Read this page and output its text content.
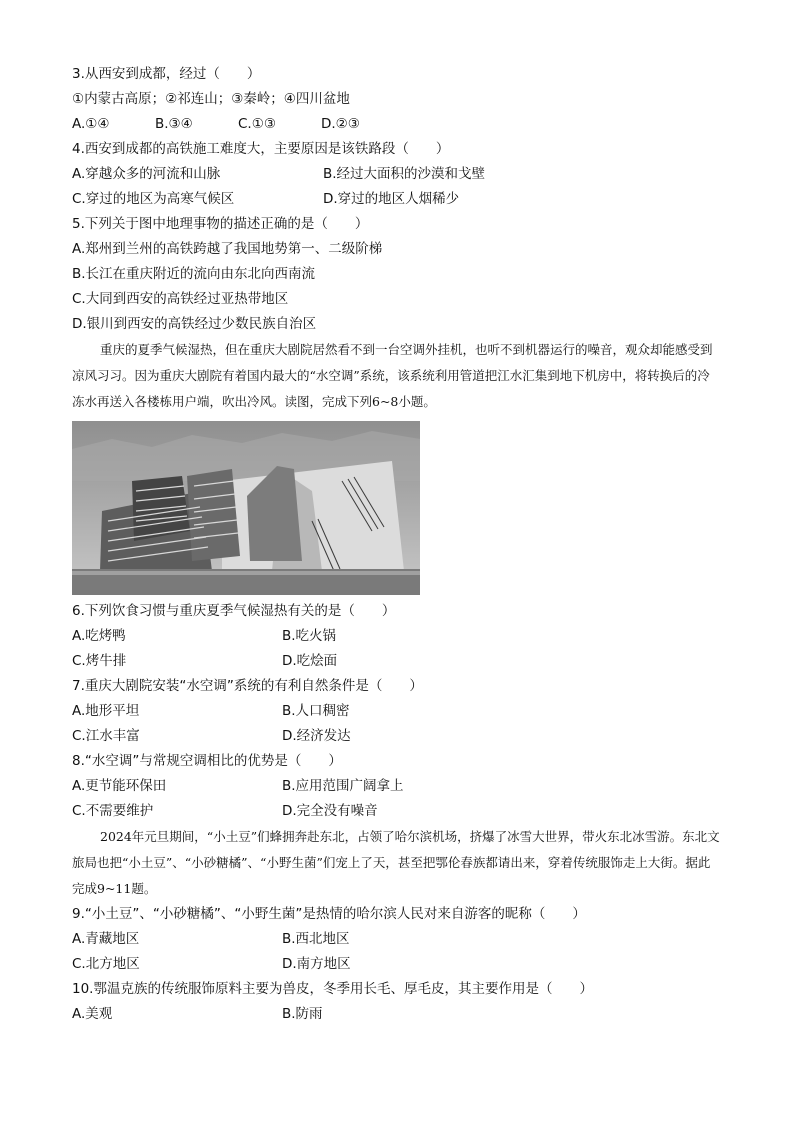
3.从西安到成都，经过（　　）
①内蒙古高原；②祁连山；③秦岭；④四川盆地
A.①④	B.③④	C.①③	D.②③
4.西安到成都的高铁施工难度大，主要原因是该铁路段（　　）
A.穿越众多的河流和山脉	B.经过大面积的沙漠和戈壁
C.穿过的地区为高寒气候区	D.穿过的地区人烟稀少
5.下列关于图中地理事物的描述正确的是（　　）
A.郑州到兰州的高铁跨越了我国地势第一、二级阶梯
B.长江在重庆附近的流向由东北向西南流
C.大同到西安的高铁经过亚热带地区
D.银川到西安的高铁经过少数民族自治区

重庆的夏季气候湿热，但在重庆大剧院居然看不到一台空调外挂机，也听不到机器运行的噪音，观众却能感受到凉风习习。因为重庆大剧院有着国内最大的“水空调”系统，该系统利用管道把江水汇集到地下机房中，将转换后的冷冻水再送入各楼栋用户端，吹出冷风。读图，完成下列6~8小题。

6.下列饮食习惯与重庆夏季气候湿热有关的是（　　）
A.吃烤鸭	B.吃火锅
C.烤牛排	D.吃烩面
7.重庆大剧院安装“水空调”系统的有利自然条件是（　　）
A.地形平坦	B.人口稠密
C.江水丰富	D.经济发达
8.“水空调”与常规空调相比的优势是（　　）
A.更节能环保田	B.应用范围广阔拿上
C.不需要维护	D.完全没有噪音

2024年元旦期间，“小土豆”们蜂拥奔赴东北，占领了哈尔滨机场，挤爆了冰雪大世界，带火东北冰雪游。东北文旅局也把“小土豆”、“小砂糖橘”、“小野生菌”们宠上了天，甚至把鄂伦春族都请出来，穿着传统服饰走上大街。据此完成9~11题。

9.“小土豆”、“小砂糖橘”、“小野生菌”是热情的哈尔滨人民对来自游客的昵称（　　）
A.青藏地区	B.西北地区
C.北方地区	D.南方地区
10.鄂温克族的传统服饰原料主要为兽皮，冬季用长毛、厚毛皮，其主要作用是（　　）
A.美观	B.防雨
